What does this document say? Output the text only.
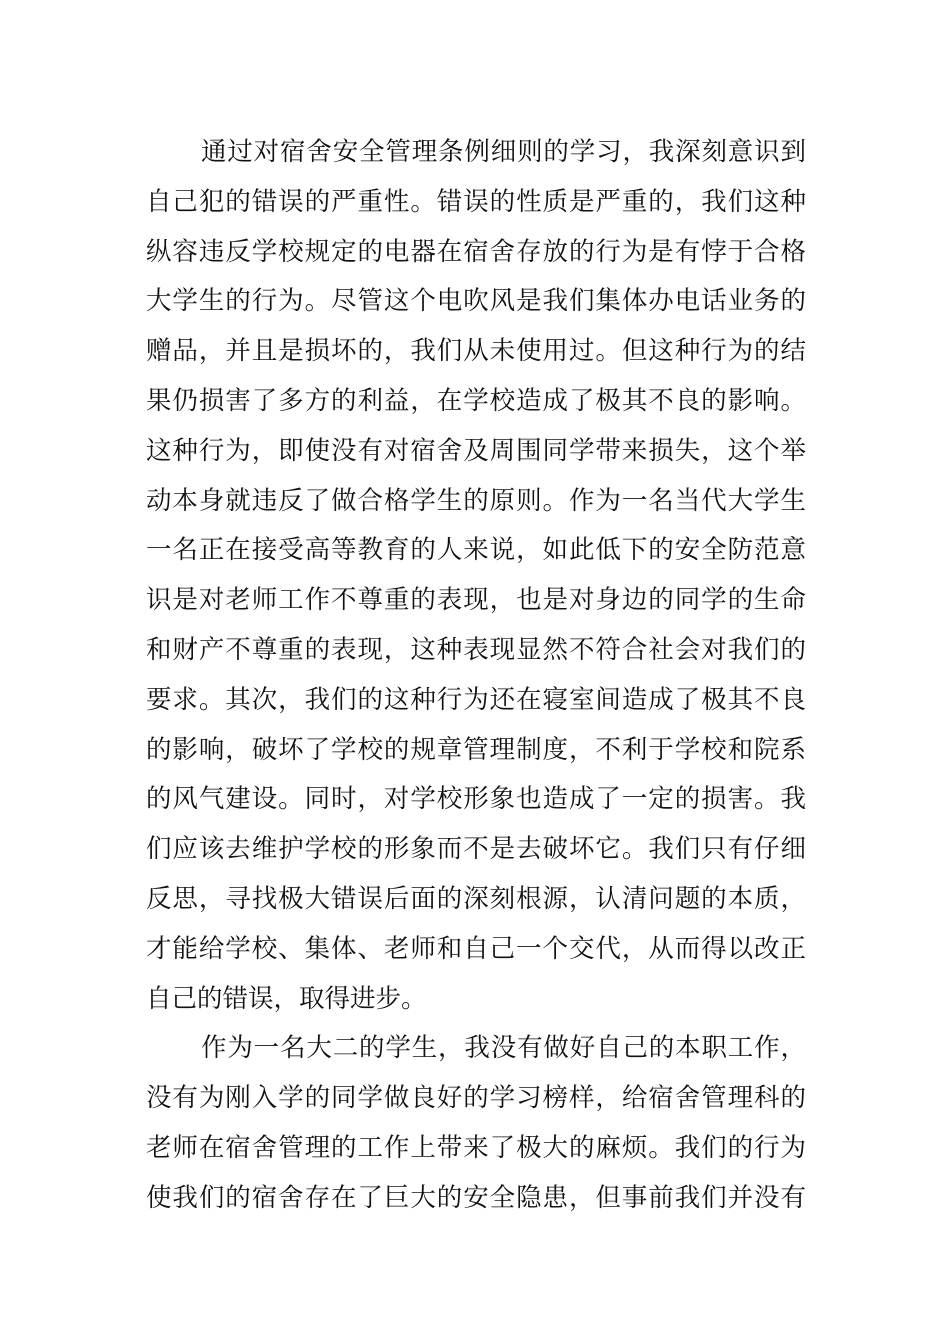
通过对宿舍安全管理条例细则的学习，我深刻意识到
自己犯的错误的严重性。错误的性质是严重的，我们这种
纵容违反学校规定的电器在宿舍存放的行为是有悖于合格
大学生的行为。尽管这个电吹风是我们集体办电话业务的
赠品，并且是损坏的，我们从未使用过。但这种行为的结
果仍损害了多方的利益，在学校造成了极其不良的影响。
这种行为，即使没有对宿舍及周围同学带来损失，这个举
动本身就违反了做合格学生的原则。作为一名当代大学生
一名正在接受高等教育的人来说，如此低下的安全防范意
识是对老师工作不尊重的表现，也是对身边的同学的生命
和财产不尊重的表现，这种表现显然不符合社会对我们的
要求。其次，我们的这种行为还在寝室间造成了极其不良
的影响，破坏了学校的规章管理制度，不利于学校和院系
的风气建设。同时，对学校形象也造成了一定的损害。我
们应该去维护学校的形象而不是去破坏它。我们只有仔细
反思，寻找极大错误后面的深刻根源，认清问题的本质，
才能给学校、集体、老师和自己一个交代，从而得以改正
自己的错误，取得进步。
作为一名大二的学生，我没有做好自己的本职工作，
没有为刚入学的同学做良好的学习榜样，给宿舍管理科的
老师在宿舍管理的工作上带来了极大的麻烦。我们的行为
使我们的宿舍存在了巨大的安全隐患，但事前我们并没有
